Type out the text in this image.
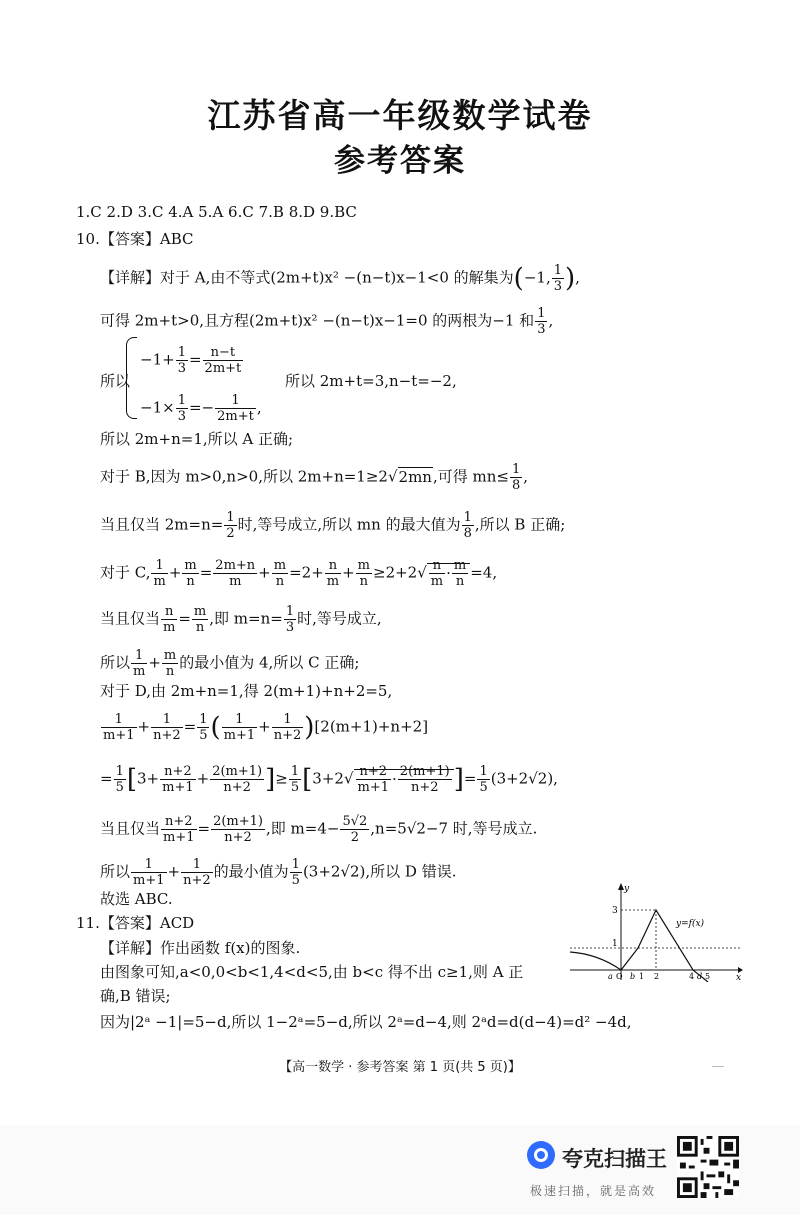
江苏省高一年级数学试卷
参考答案
1.C 2.D 3.C 4.A 5.A 6.C 7.B 8.D 9.BC
10.【答案】ABC
【详解】对于 A,由不等式(2m+t)x² −(n−t)x−1<0 的解集为(−1, $\frac{1}{3}$ ),
可得 2m+t>0,且方程(2m+t)x² −(n−t)x−1=0 的两根为−1 和 $\frac{1}{3}$ ,
所以
$-1+ \frac{1}{3} = \frac{n-t}{2m+t}$
$-1\times \frac{1}{3} =- \frac{1}{2m+t}$ ,
所以 2m+t=3,n−t=−2,
所以 2m+n=1,所以 A 正确;
对于 B,因为 m>0,n>0,所以 2m+n=1≥2√2mn,可得 $mn\le \frac{1}{8}$ ,
当且仅当 $2m=n= \frac{1}{2}$ 时,等号成立,所以 mn 的最大值为 $\frac{1}{8}$ ,所以 B 正确;
对于 C, $\frac{1}{m} + \frac{m}{n} = \frac{2m+n}{m} + \frac{m}{n} =2+ \frac{n}{m} + \frac{m}{n} \ge 2+2√ \frac{n}{m} \cdot \frac{m}{n} =4$,
当且仅当 $\frac{n}{m} = \frac{m}{n}$ ,即 $m=n= \frac{1}{3}$ 时,等号成立,
所以 $\frac{1}{m} + \frac{m}{n}$ 的最小值为 4,所以 C 正确;
对于 D,由 2m+n=1,得 2(m+1)+n+2=5,
$\frac{1}{m+1} + \frac{1}{n+2} = \frac{1}{5}$ ( $\frac{1}{m+1} + \frac{1}{n+2} )[2(m+1)+n+2]$
= $\frac{1}{5} [3+ \frac{n+2}{m+1} + \frac{2(m+1)}{n+2}$ ]≥ $\frac{1}{5} [3+2√ \frac{n+2}{m+1} \cdot \frac{2(m+1)}{n+2}$ ]= $\frac{1}{5} (3+2√2)$,
当且仅当 $\frac{n+2}{m+1} = \frac{2(m+1)}{n+2}$ ,即 $m=4- \frac{5√2}{2} ,n=5√2-7$ 时,等号成立.
所以 $\frac{1}{m+1} + \frac{1}{n+2}$ 的最小值为 $\frac{1}{5} (3+2√2)$,所以 D 错误.
故选 ABC.
11.【答案】ACD
【详解】作出函数 f(x)的图象.
由图象可知,a<0,0<b<1,4<d<5,由 b<c 得不出 c≥1,则 A 正
确,B 错误;
因为|2ᵃ −1|=5−d,所以 1−2ᵃ=5−d,所以 2ᵃ=d−4,则 2ᵃd=d(d−4)=d² −4d,
y
x
3
1
y=f(x)
a O b 1 2	4 d 5
【高一数学 · 参考答案 第 1 页(共 5 页)】
夸克扫描王
极速扫描，就是高效
